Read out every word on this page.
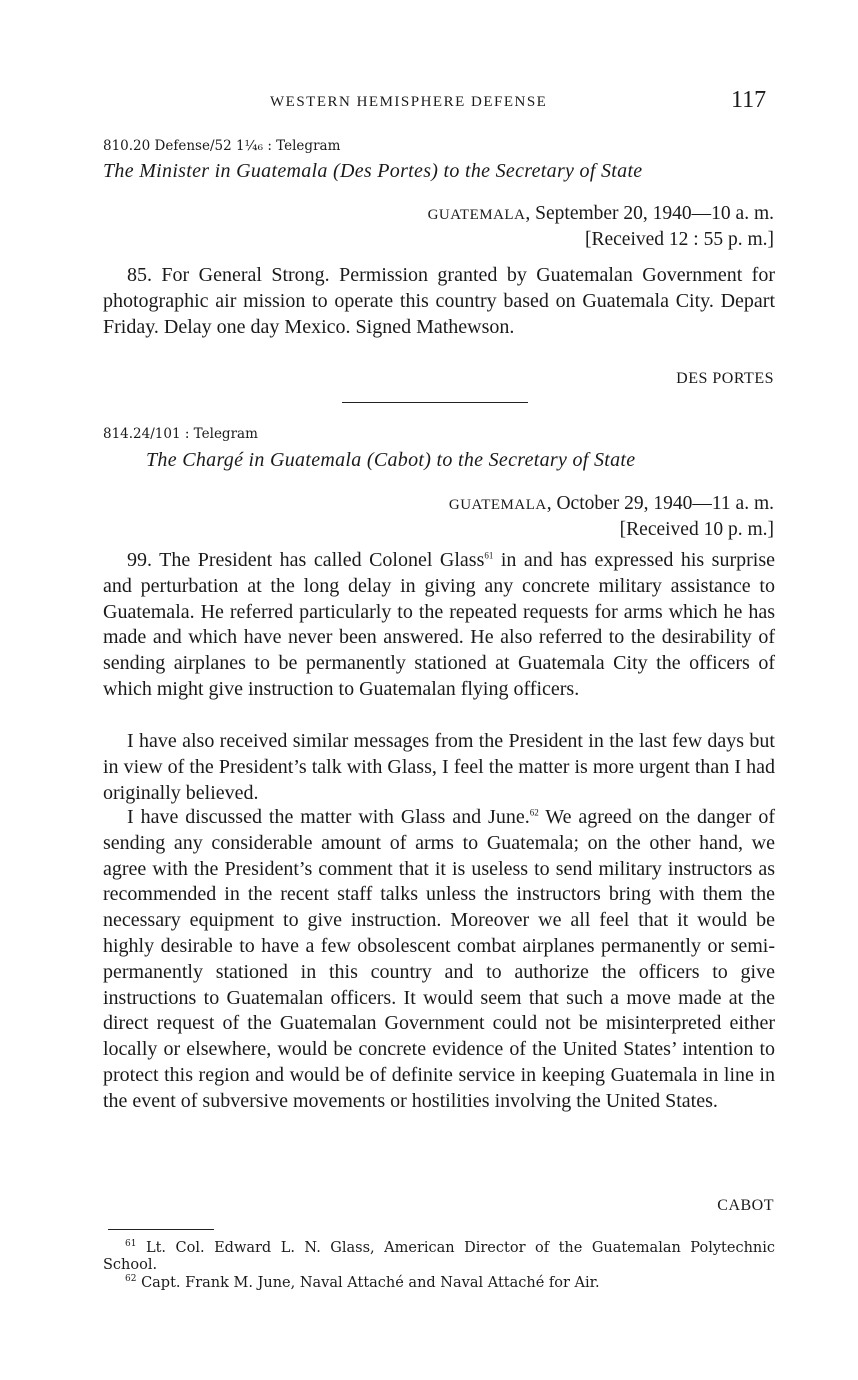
WESTERN HEMISPHERE DEFENSE	117
810.20 Defense/52 1¼₆ : Telegram
The Minister in Guatemala (Des Portes) to the Secretary of State
GUATEMALA, September 20, 1940—10 a. m.
[Received 12 : 55 p. m.]

85. For General Strong. Permission granted by Guatemalan Government for photographic air mission to operate this country based on Guatemala City. Depart Friday. Delay one day Mexico. Signed Mathewson.

DES PORTES
814.24/101 : Telegram
The Chargé in Guatemala (Cabot) to the Secretary of State
GUATEMALA, October 29, 1940—11 a. m.
[Received 10 p. m.]

99. The President has called Colonel Glass$^{61}$ in and has expressed his surprise and perturbation at the long delay in giving any concrete military assistance to Guatemala. He referred particularly to the repeated requests for arms which he has made and which have never been answered. He also referred to the desirability of sending airplanes to be permanently stationed at Guatemala City the officers of which might give instruction to Guatemalan flying officers.

I have also received similar messages from the President in the last few days but in view of the President’s talk with Glass, I feel the matter is more urgent than I had originally believed.

I have discussed the matter with Glass and June.$^{62}$ We agreed on the danger of sending any considerable amount of arms to Guatemala; on the other hand, we agree with the President’s comment that it is useless to send military instructors as recommended in the recent staff talks unless the instructors bring with them the necessary equipment to give instruction. Moreover we all feel that it would be highly desirable to have a few obsolescent combat airplanes permanently or semi-permanently stationed in this country and to authorize the officers to give instructions to Guatemalan officers. It would seem that such a move made at the direct request of the Guatemalan Government could not be misinterpreted either locally or elsewhere, would be concrete evidence of the United States’ intention to protect this region and would be of definite service in keeping Guatemala in line in the event of subversive movements or hostilities involving the United States.

CABOT

$^{61}$ Lt. Col. Edward L. N. Glass, American Director of the Guatemalan Polytechnic School.

$^{62}$ Capt. Frank M. June, Naval Attaché and Naval Attaché for Air.
